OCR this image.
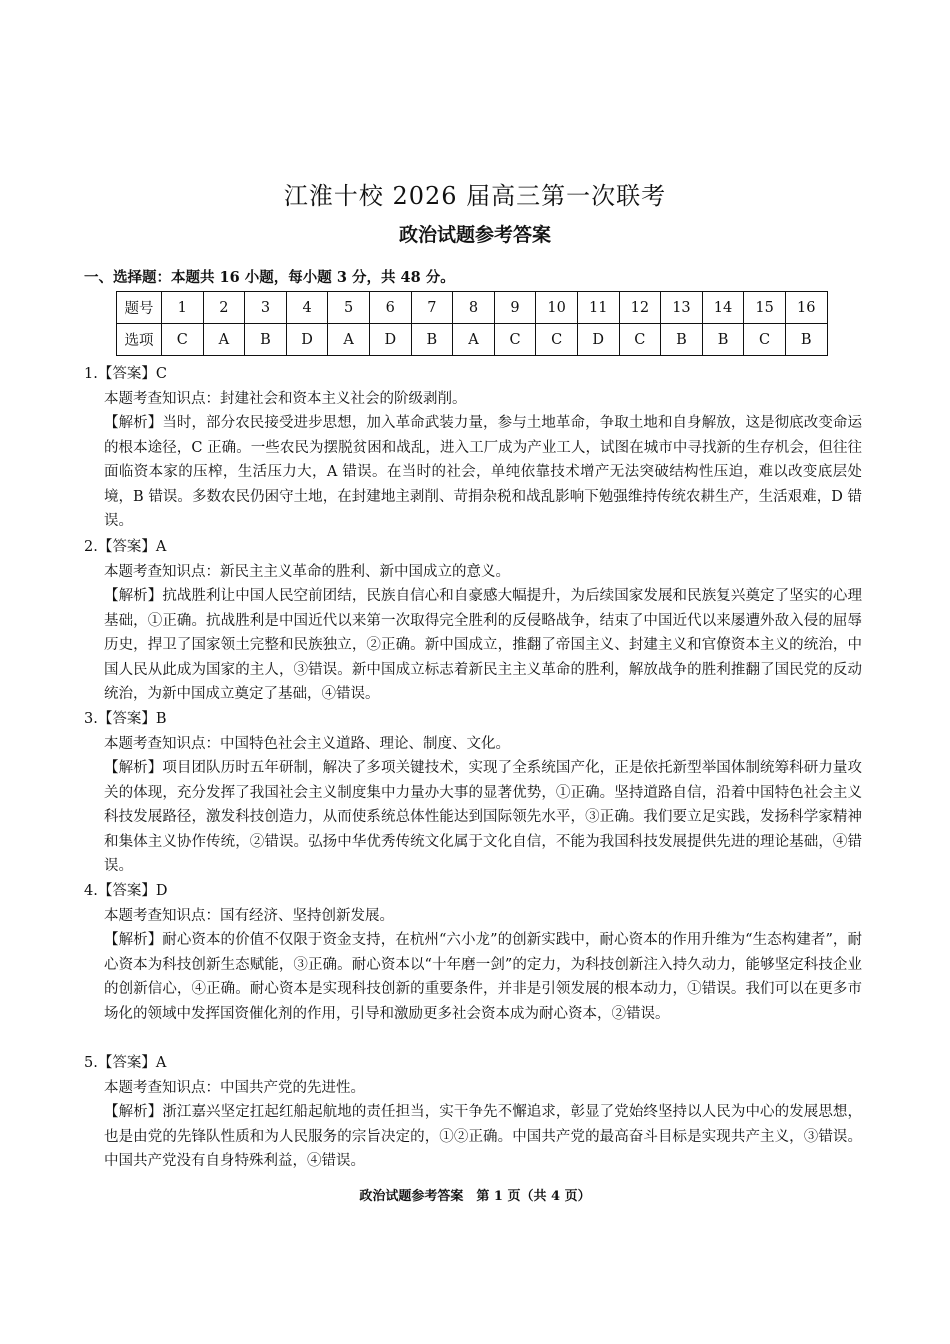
江淮十校 2026 届高三第一次联考
政治试题参考答案
一、选择题：本题共 16 小题，每小题 3 分，共 48 分。
题号	1	2	3	4	5	6	7	8	9	10	11	12	13	14	15	16
选项	C	A	B	D	A	D	B	A	C	C	D	C	B	B	C	B

1.【答案】C

本题考查知识点：封建社会和资本主义社会的阶级剥削。

【解析】当时，部分农民接受进步思想，加入革命武装力量，参与土地革命，争取土地和自身解放，这是彻底改变命运的根本途径，C 正确。一些农民为摆脱贫困和战乱，进入工厂成为产业工人，试图在城市中寻找新的生存机会，但往往面临资本家的压榨，生活压力大，A 错误。在当时的社会，单纯依靠技术增产无法突破结构性压迫，难以改变底层处境，B 错误。多数农民仍困守土地，在封建地主剥削、苛捐杂税和战乱影响下勉强维持传统农耕生产，生活艰难，D 错误。

2.【答案】A

本题考查知识点：新民主主义革命的胜利、新中国成立的意义。

【解析】抗战胜利让中国人民空前团结，民族自信心和自豪感大幅提升，为后续国家发展和民族复兴奠定了坚实的心理基础，①正确。抗战胜利是中国近代以来第一次取得完全胜利的反侵略战争，结束了中国近代以来屡遭外敌入侵的屈辱历史，捍卫了国家领土完整和民族独立，②正确。新中国成立，推翻了帝国主义、封建主义和官僚资本主义的统治，中国人民从此成为国家的主人，③错误。新中国成立标志着新民主主义革命的胜利，解放战争的胜利推翻了国民党的反动统治，为新中国成立奠定了基础，④错误。

3.【答案】B

本题考查知识点：中国特色社会主义道路、理论、制度、文化。

【解析】项目团队历时五年研制，解决了多项关键技术，实现了全系统国产化，正是依托新型举国体制统筹科研力量攻关的体现，充分发挥了我国社会主义制度集中力量办大事的显著优势，①正确。坚持道路自信，沿着中国特色社会主义科技发展路径，激发科技创造力，从而使系统总体性能达到国际领先水平，③正确。我们要立足实践，发扬科学家精神和集体主义协作传统，②错误。弘扬中华优秀传统文化属于文化自信，不能为我国科技发展提供先进的理论基础，④错误。

4.【答案】D

本题考查知识点：国有经济、坚持创新发展。

【解析】耐心资本的价值不仅限于资金支持，在杭州“六小龙”的创新实践中，耐心资本的作用升维为“生态构建者”，耐心资本为科技创新生态赋能，③正确。耐心资本以“十年磨一剑”的定力，为科技创新注入持久动力，能够坚定科技企业的创新信心，④正确。耐心资本是实现科技创新的重要条件，并非是引领发展的根本动力，①错误。我们可以在更多市场化的领域中发挥国资催化剂的作用，引导和激励更多社会资本成为耐心资本，②错误。

5.【答案】A

本题考查知识点：中国共产党的先进性。

【解析】浙江嘉兴坚定扛起红船起航地的责任担当，实干争先不懈追求，彰显了党始终坚持以人民为中心的发展思想，也是由党的先锋队性质和为人民服务的宗旨决定的，①②正确。中国共产党的最高奋斗目标是实现共产主义，③错误。中国共产党没有自身特殊利益，④错误。

政治试题参考答案　第 1 页（共 4 页）
